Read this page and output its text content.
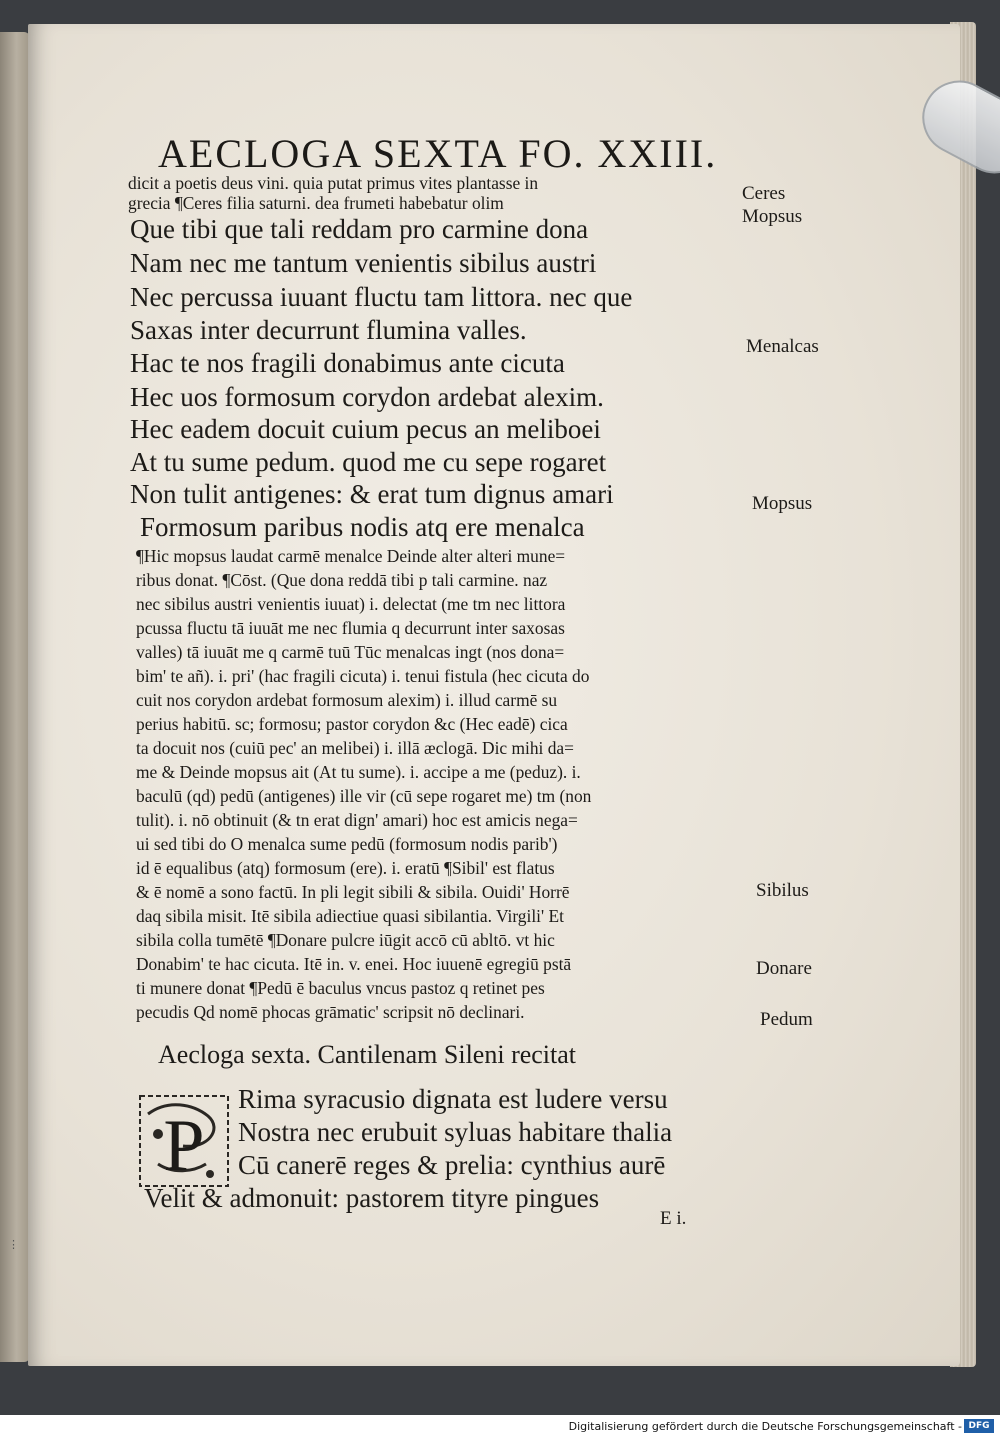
AECLOGA SEXTA FO. XXIII.
dicit a poetis deus vini. quia putat primus vites plantasse in
grecia ¶Ceres filia saturni. dea frumeti habebatur olim
Que tibi que tali reddam pro carmine dona
Nam nec me tantum venientis sibilus austri
Nec percussa iuuant fluctu tam littora. nec que
Saxas inter decurrunt flumina valles.
Hac te nos fragili donabimus ante cicuta
Hec uos formosum corydon ardebat alexim.
Hec eadem docuit cuium pecus an meliboei
At tu sume pedum. quod me cu sepe rogaret
Non tulit antigenes: & erat tum dignus amari
Formosum paribus nodis atq ere menalca
¶Hic mopsus laudat carmē menalce Deinde alter alteri mune=
ribus donat. ¶Cōst. (Que dona reddā tibi p tali carmine. naz
nec sibilus austri venientis iuuat) i. delectat (me tm nec littora
pcussa fluctu tā iuuāt me nec flumia q decurrunt inter saxosas
valles) tā iuuāt me q carmē tuū Tūc menalcas ingt (nos dona=
bim' te añ). i. pri' (hac fragili cicuta) i. tenui fistula (hec cicuta do
cuit nos corydon ardebat formosum alexim) i. illud carmē su
perius habitū. sc; formosu; pastor corydon &c (Hec eadē) cica
ta docuit nos (cuiū pec' an melibei) i. illā æclogā. Dic mihi da=
me & Deinde mopsus ait (At tu sume). i. accipe a me (peduz). i.
baculū (qd) pedū (antigenes) ille vir (cū sepe rogaret me) tm (non
tulit). i. nō obtinuit (& tn erat dign' amari) hoc est amicis nega=
ui sed tibi do O menalca sume pedū (formosum nodis parib')
id ē equalibus (atq) formosum (ere). i. eratū ¶Sibil' est flatus
& ē nomē a sono factū. In pli legit sibili & sibila. Ouidi' Horrē
daq sibila misit. Itē sibila adiectiue quasi sibilantia. Virgili' Et
sibila colla tumētē ¶Donare pulcre iūgit accō cū abltō. vt hic
Donabim' te hac cicuta. Itē in. v. enei. Hoc iuuenē egregiū pstā
ti munere donat ¶Pedū ē baculus vncus pastoz q retinet pes
pecudis Qd nomē phocas grāmatic' scripsit nō declinari.
Aecloga sexta. Cantilenam Sileni recitat
Rima syracusio dignata est ludere versu
Nostra nec erubuit syluas habitare thalia
Cū canerē reges & prelia: cynthius aurē
Velit & admonuit: pastorem tityre pingues
P
Ceres
Mopsus
Menalcas
Mopsus
Sibilus
Donare
Pedum
E i.
⋮
Digitalisierung gefördert durch die Deutsche Forschungsgemeinschaft - DFG
